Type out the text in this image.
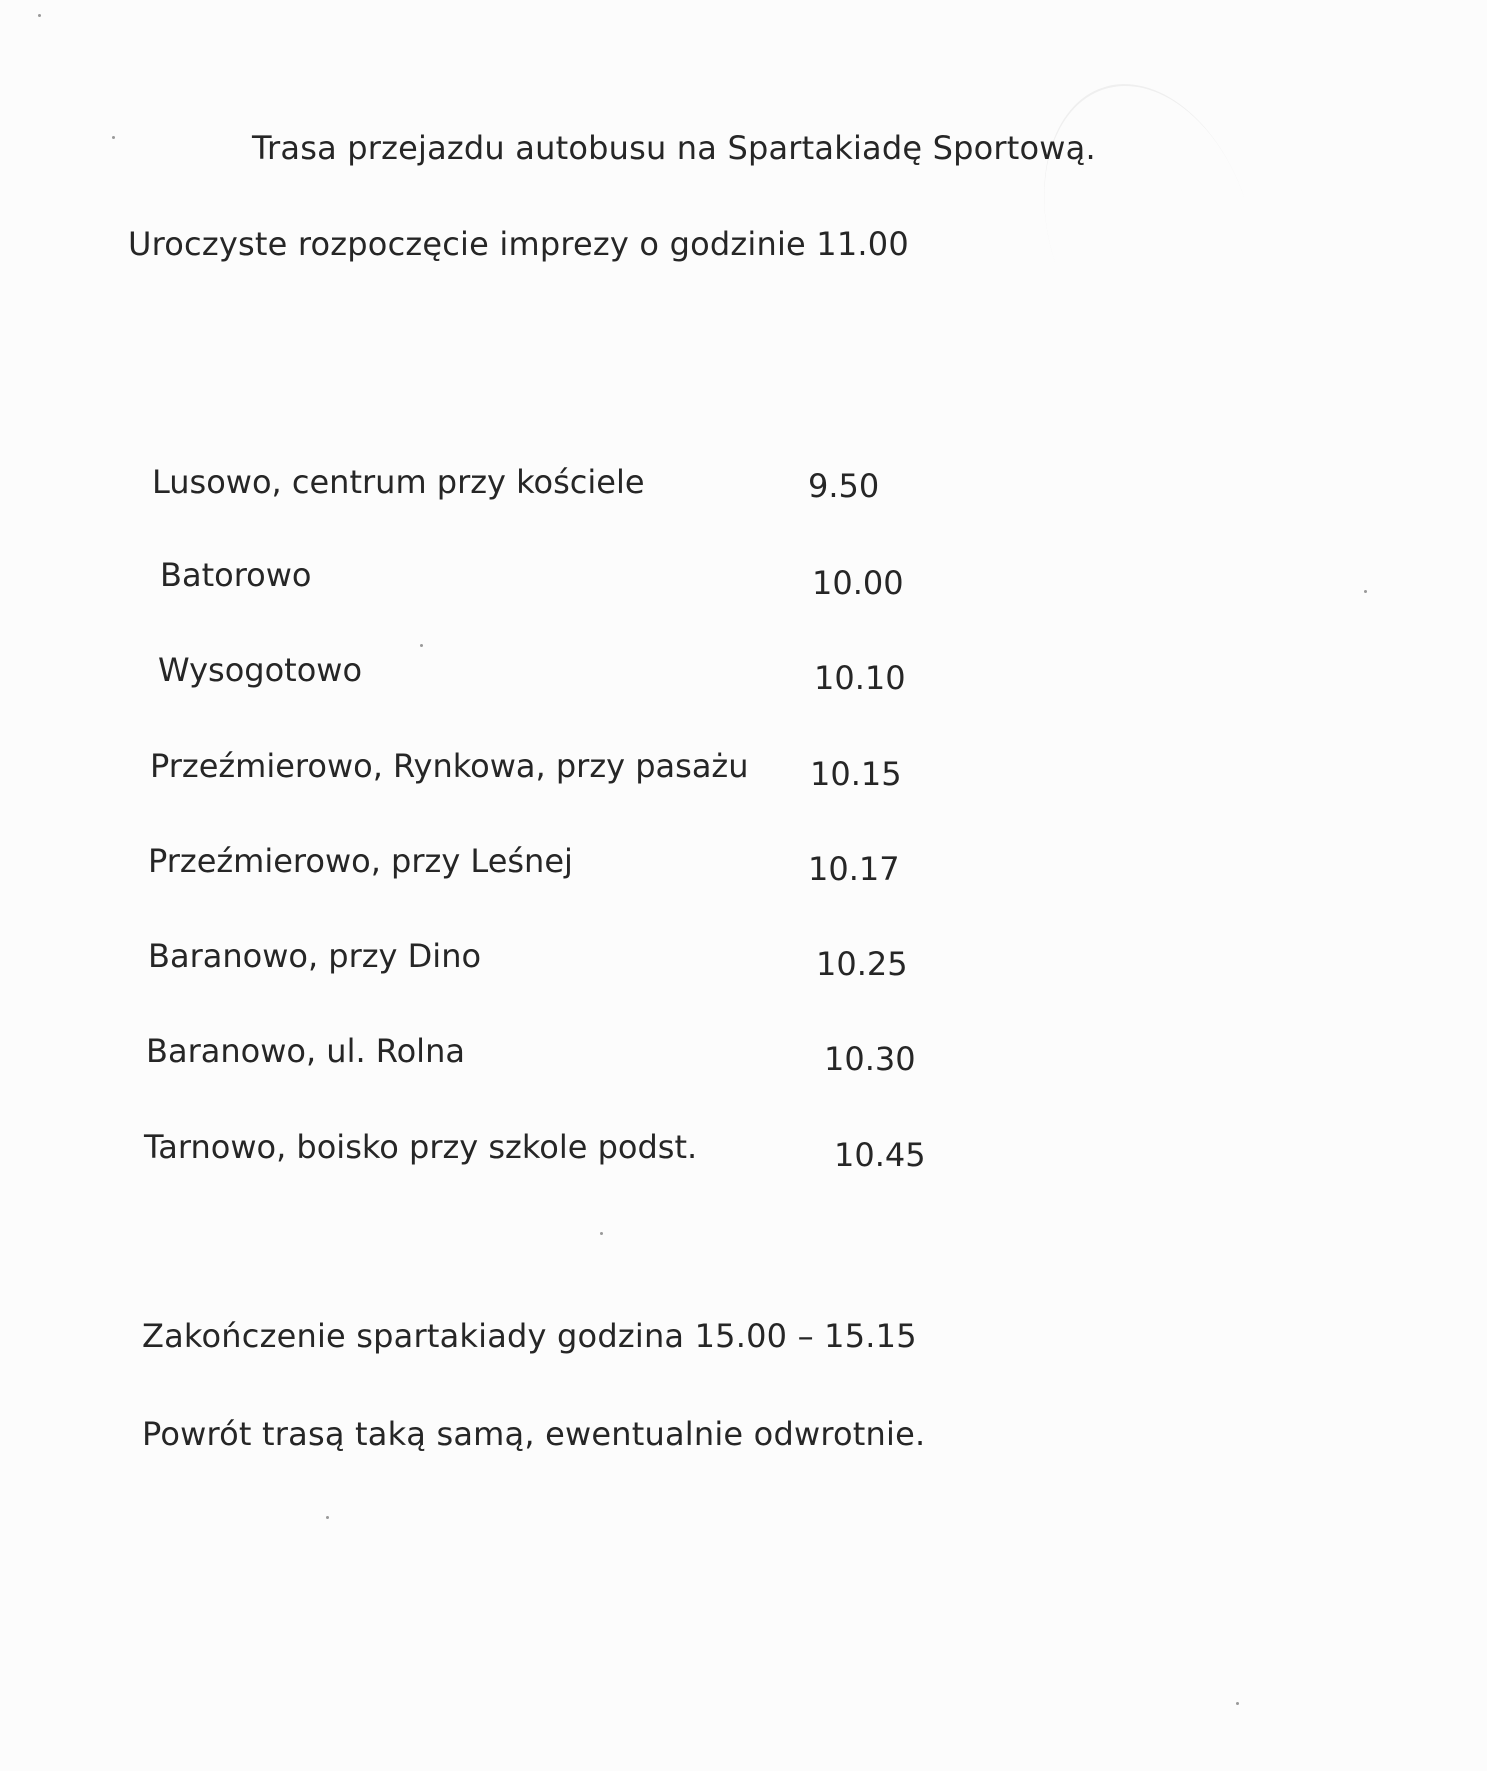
Trasa przejazdu autobusu na Spartakiadę Sportową.
Uroczyste rozpoczęcie imprezy o godzinie 11.00
Lusowo, centrum przy kościele	9.50
Batorowo	10.00
Wysogotowo	10.10
Przeźmierowo, Rynkowa, przy pasażu 10.15
Przeźmierowo, przy Leśnej	10.17
Baranowo, przy Dino	10.25
Baranowo, ul. Rolna	10.30
Tarnowo, boisko przy szkole podst.	10.45
Zakończenie spartakiady godzina 15.00 – 15.15
Powrót trasą taką samą, ewentualnie odwrotnie.
